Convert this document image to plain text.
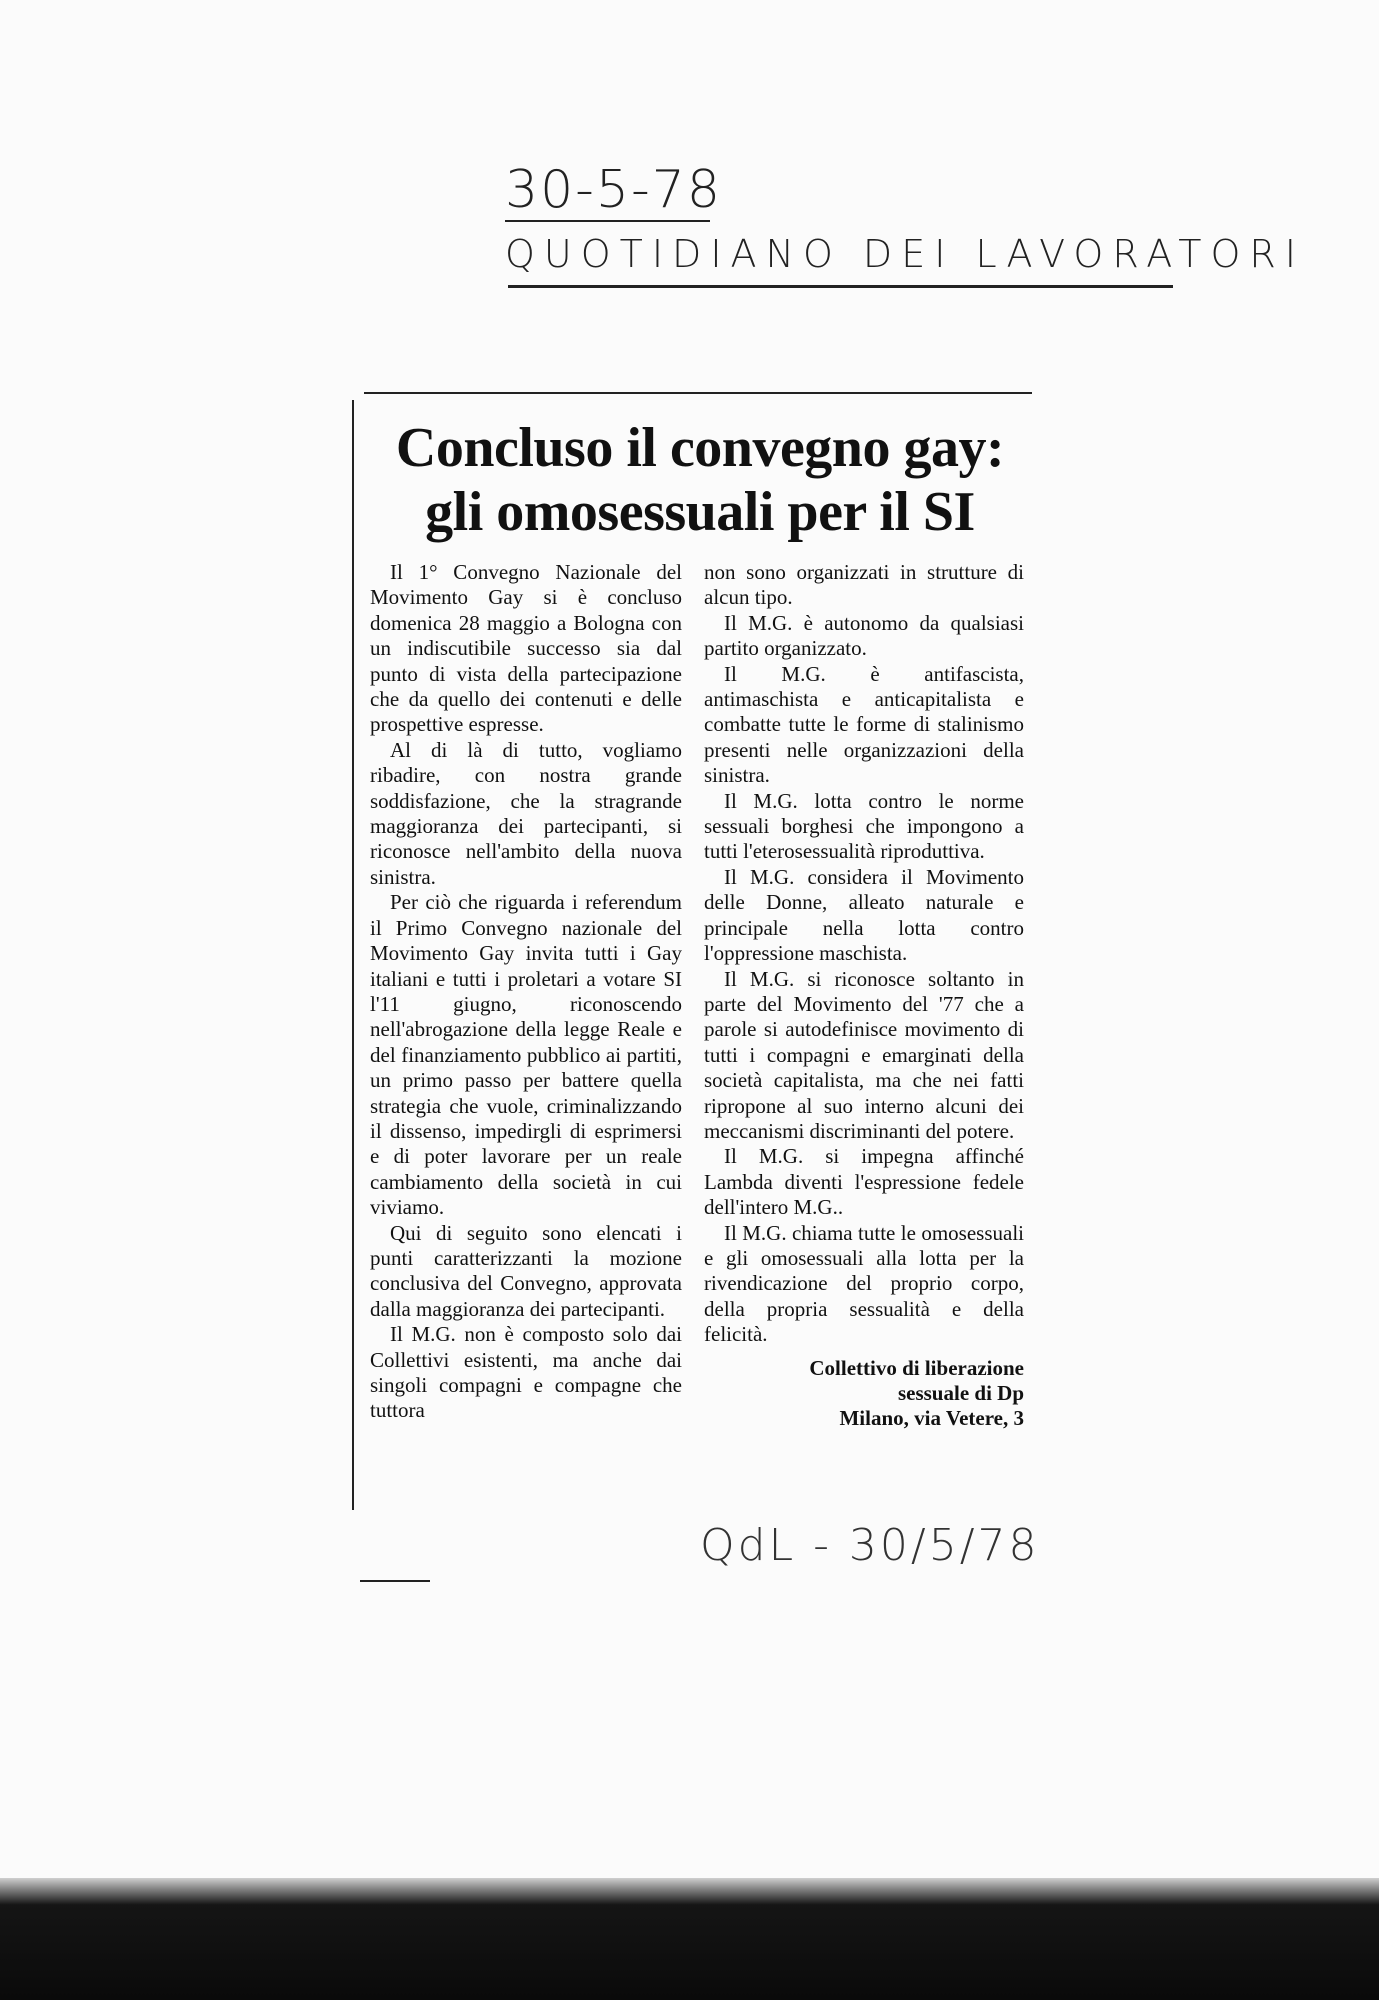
30-5-78
QUOTIDIANO DEI LAVORATORI
Concluso il convegno gay:
gli omosessuali per il SI

Il 1° Convegno Nazionale del Movimento Gay si è concluso domenica 28 maggio a Bologna con un indiscutibile successo sia dal punto di vista della partecipazione che da quello dei contenuti e delle prospettive espresse.

Al di là di tutto, vogliamo ribadire, con nostra grande soddisfazione, che la stragrande maggioranza dei partecipanti, si riconosce nell'ambito della nuova sinistra.

Per ciò che riguarda i referendum il Primo Convegno nazionale del Movimento Gay invita tutti i Gay italiani e tutti i proletari a votare SI l'11 giugno, riconoscendo nell'abrogazione della legge Reale e del finanziamento pubblico ai partiti, un primo passo per battere quella strategia che vuole, criminalizzando il dissenso, impedirgli di esprimersi e di poter lavorare per un reale cambiamento della società in cui viviamo.

Qui di seguito sono elencati i punti caratterizzanti la mozione conclusiva del Convegno, approvata dalla maggioranza dei partecipanti.

Il M.G. non è composto solo dai Collettivi esistenti, ma anche dai singoli compagni e compagne che tuttora

non sono organizzati in strutture di alcun tipo.

Il M.G. è autonomo da qualsiasi partito organizzato.

Il M.G. è antifascista, antimaschista e anticapitalista e combatte tutte le forme di stalinismo presenti nelle organizzazioni della sinistra.

Il M.G. lotta contro le norme sessuali borghesi che impongono a tutti l'eterosessualità riproduttiva.

Il M.G. considera il Movimento delle Donne, alleato naturale e principale nella lotta contro l'oppressione maschista.

Il M.G. si riconosce soltanto in parte del Movimento del '77 che a parole si autodefinisce movimento di tutti i compagni e emarginati della società capitalista, ma che nei fatti ripropone al suo interno alcuni dei meccanismi discriminanti del potere.

Il M.G. si impegna affinché Lambda diventi l'espressione fedele dell'intero M.G..

Il M.G. chiama tutte le omosessuali e gli omosessuali alla lotta per la rivendicazione del proprio corpo, della propria sessualità e della felicità.

Collettivo di liberazione
sessuale di Dp
Milano, via Vetere, 3
QdL - 30/5/78
